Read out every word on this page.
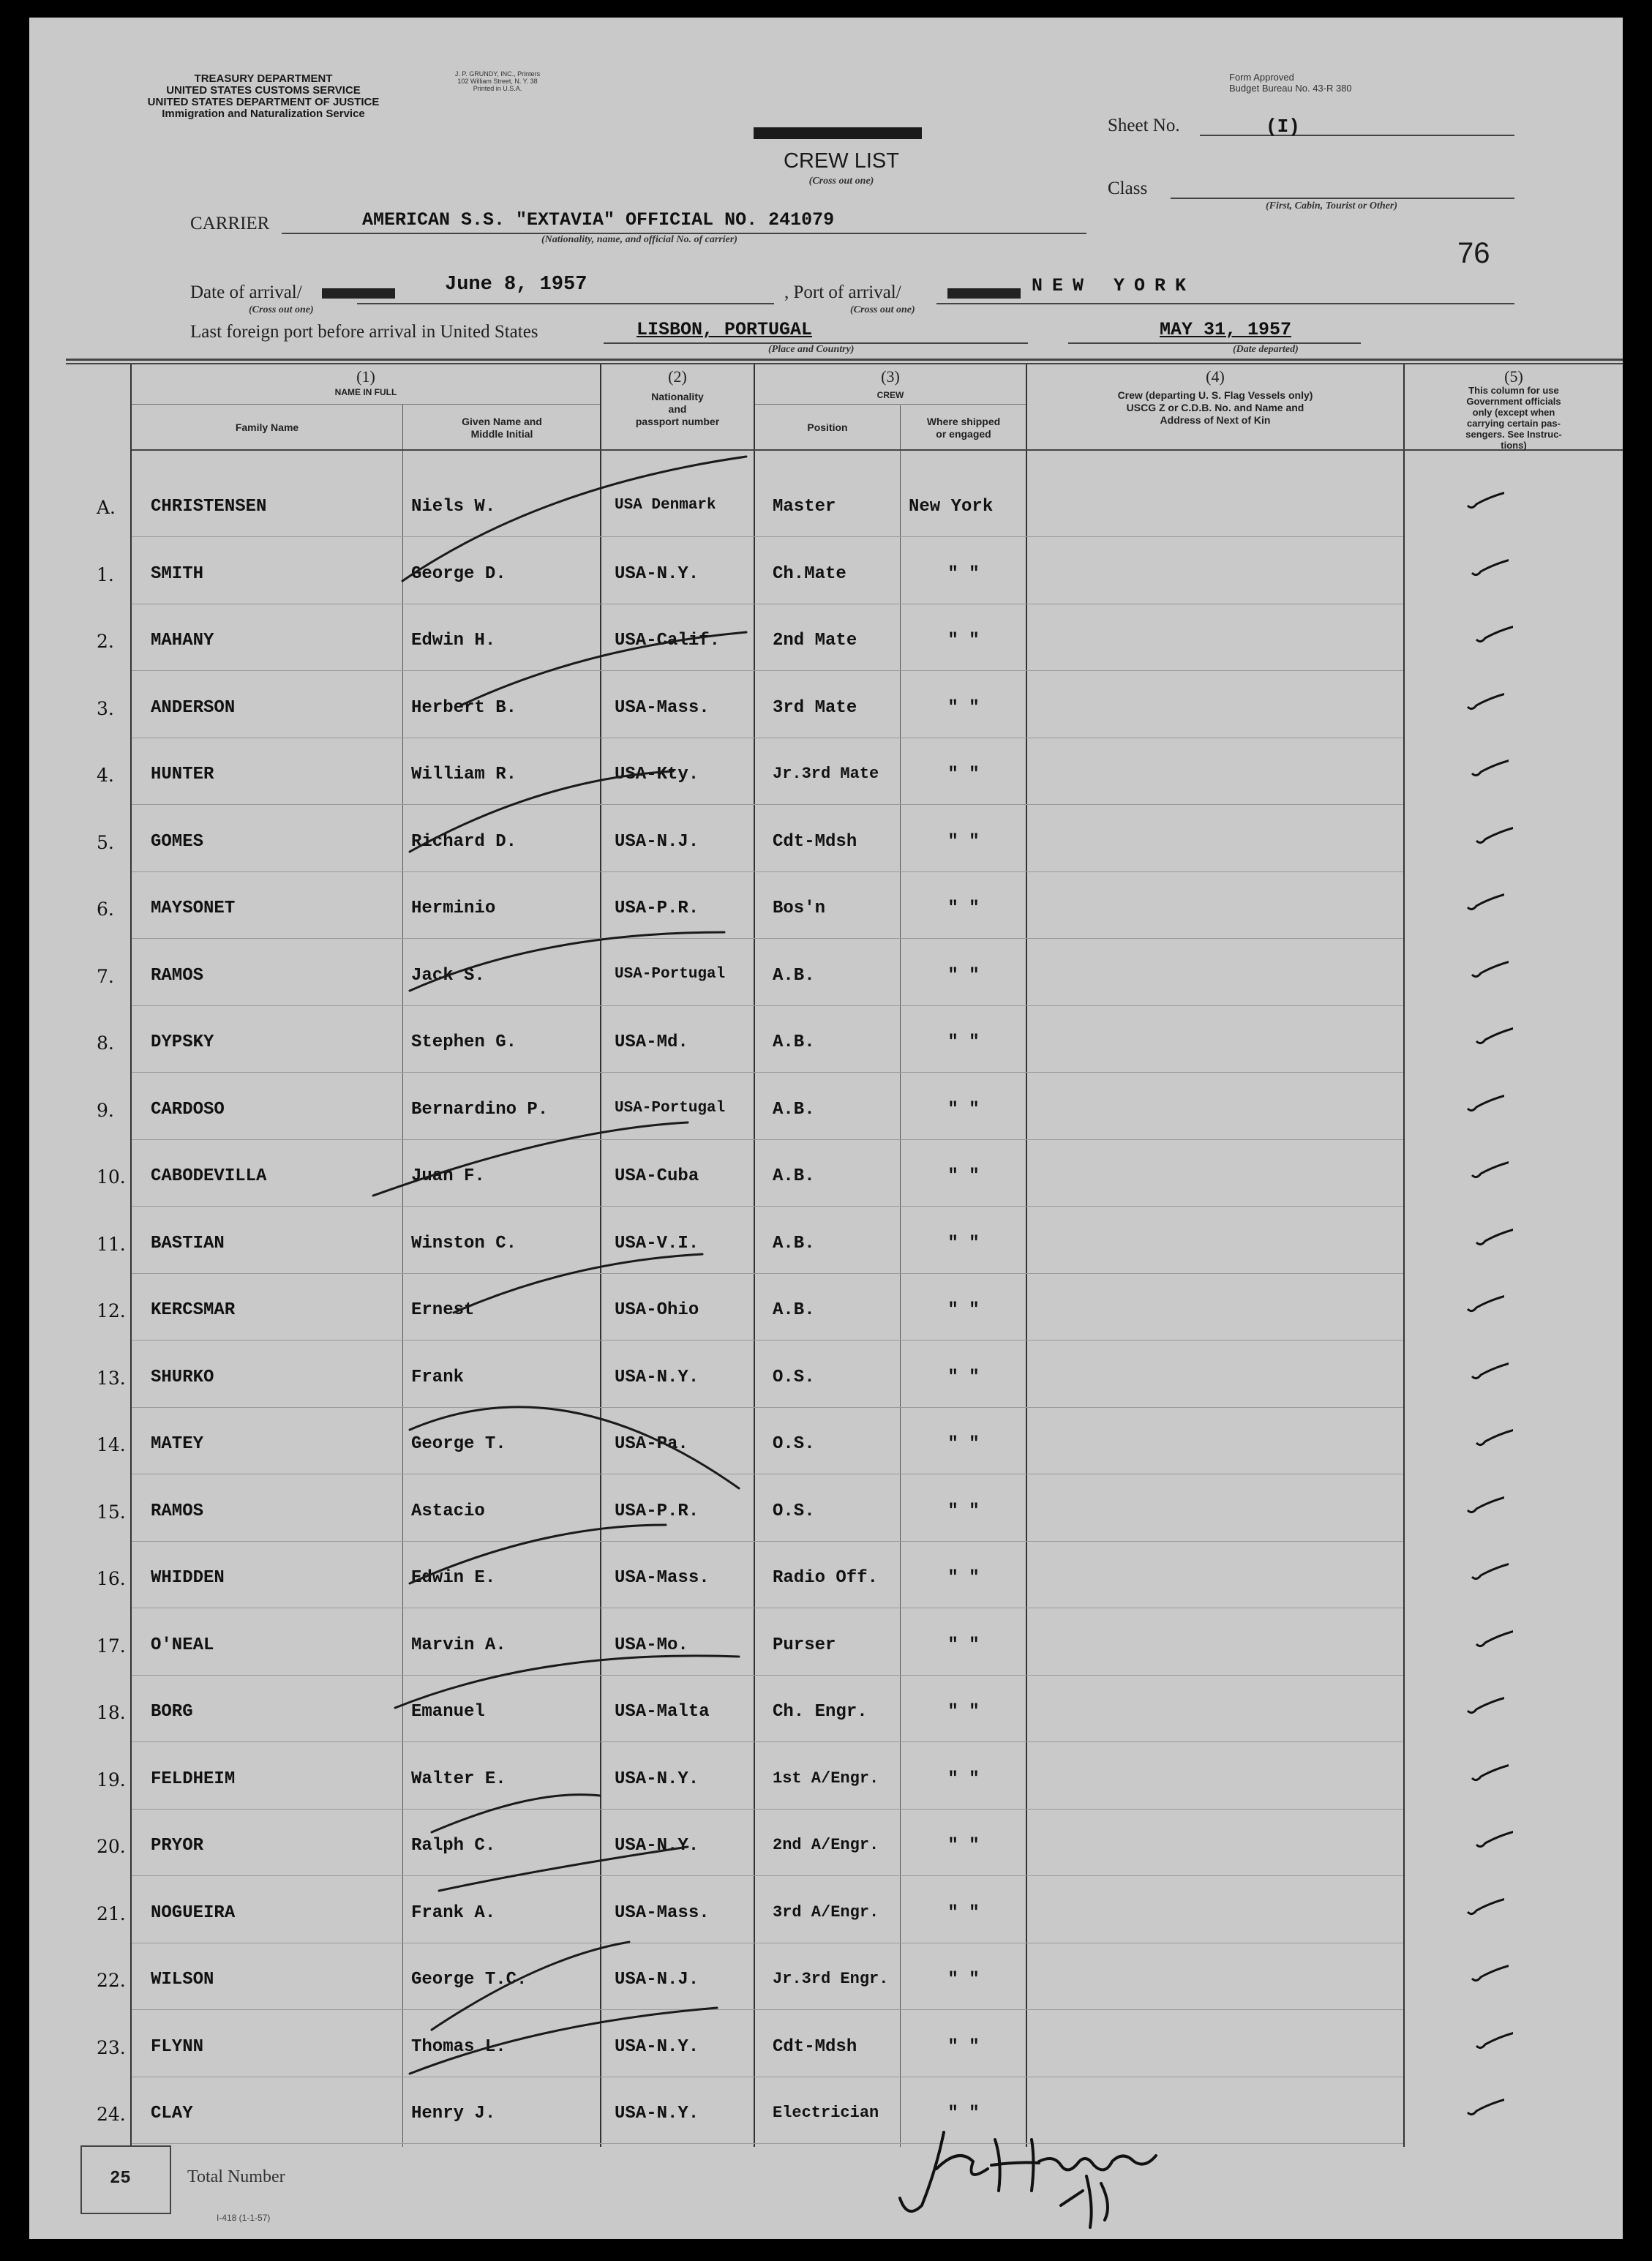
TREASURY DEPARTMENT
UNITED STATES CUSTOMS SERVICE
UNITED STATES DEPARTMENT OF JUSTICE
Immigration and Naturalization Service
J. P. GRUNDY, INC., Printers
102 William Street, N. Y. 38
Printed in U.S.A.
Form Approved
Budget Bureau No. 43-R 380
CREW LIST
(Cross out one)
Sheet No.	(I)
Class
(First, Cabin, Tourist or Other)
CARRIER	AMERICAN S.S. "EXTAVIA" OFFICIAL NO. 241079
(Nationality, name, and official No. of carrier)	76
Date of arrival/	June 8, 1957
(Cross out one)
, Port of arrival/	NEW YORK
(Cross out one)
Last foreign port before arrival in United States	LISBON, PORTUGAL
(Place and Country)
MAY 31, 1957
(Date departed)
(1)
NAME IN FULL
Family Name	Given Name and
Middle Initial
(2)
Nationality
and
passport number
(3)
CREW
Position	Where shipped
or engaged
(4)
Crew (departing U. S. Flag Vessels only)
USCG Z or C.D.B. No. and Name and
Address of Next of Kin
(5)
This column for use
Government officials
only (except when
carrying certain pas-
sengers. See Instruc-
tions)
A. CHRISTENSEN	Niels W.	USA Denmark	Master	New York
1. SMITH	George D.	USA-N.Y.	Ch.Mate	" "
2. MAHANY	Edwin H.	USA-Calif.	2nd Mate	" "
3. ANDERSON	Herbert B.	USA-Mass.	3rd Mate	" "
4. HUNTER	William R.	USA-Kty.	Jr.3rd Mate	" "
5. GOMES	Richard D.	USA-N.J.	Cdt-Mdsh	" "
6. MAYSONET	Herminio	USA-P.R.	Bos'n	" "
7. RAMOS	Jack S.	USA-Portugal	A.B.	" "
8. DYPSKY	Stephen G.	USA-Md.	A.B.	" "
9. CARDOSO	Bernardino P.	USA-Portugal	A.B.	" "
10. CABODEVILLA	Juan F.	USA-Cuba	A.B.	" "
11. BASTIAN	Winston C.	USA-V.I.	A.B.	" "
12. KERCSMAR	Ernest	USA-Ohio	A.B.	" "
13. SHURKO	Frank	USA-N.Y.	O.S.	" "
14. MATEY	George T.	USA-Pa.	O.S.	" "
15. RAMOS	Astacio	USA-P.R.	O.S.	" "
16. WHIDDEN	Edwin E.	USA-Mass.	Radio Off.	" "
17. O'NEAL	Marvin A.	USA-Mo.	Purser	" "
18. BORG	Emanuel	USA-Malta	Ch. Engr.	" "
19. FELDHEIM	Walter E.	USA-N.Y.	1st A/Engr.	" "
20. PRYOR	Ralph C.	USA-N.Y.	2nd A/Engr.	" "
21. NOGUEIRA	Frank A.	USA-Mass.	3rd A/Engr.	" "
22. WILSON	George T.C.	USA-N.J.	Jr.3rd Engr.	" "
23. FLYNN	Thomas L.	USA-N.Y.	Cdt-Mdsh	" "
24. CLAY	Henry J.	USA-N.Y.	Electrician	" "
25	Total Number
I-418 (1-1-57)
